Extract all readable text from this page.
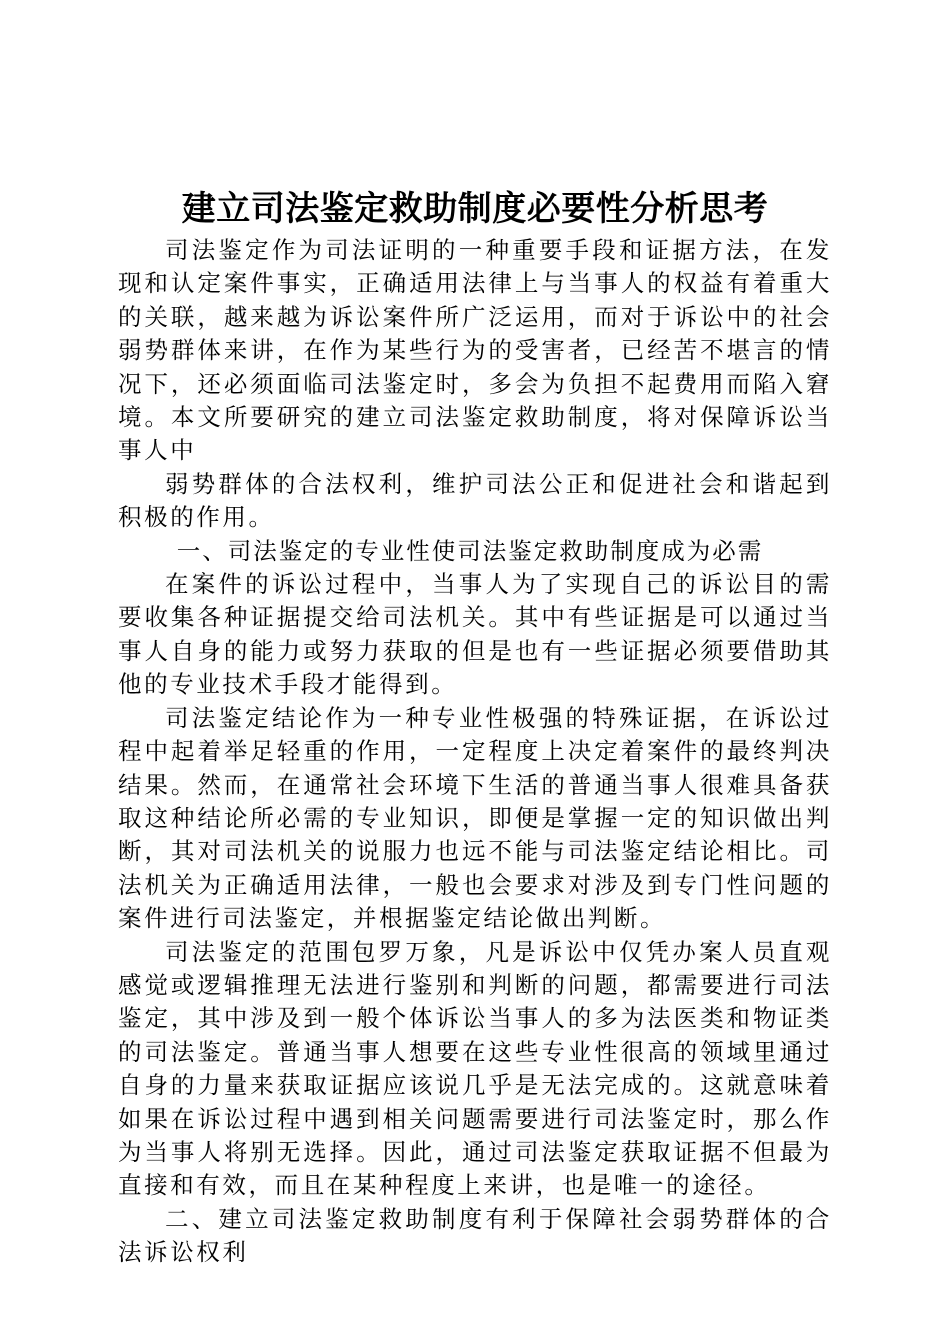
建立司法鉴定救助制度必要性分析思考

司法鉴定作为司法证明的一种重要手段和证据方法，在发现和认定案件事实，正确适用法律上与当事人的权益有着重大的关联，越来越为诉讼案件所广泛运用，而对于诉讼中的社会弱势群体来讲，在作为某些行为的受害者，已经苦不堪言的情况下，还必须面临司法鉴定时，多会为负担不起费用而陷入窘境。本文所要研究的建立司法鉴定救助制度，将对保障诉讼当事人中

弱势群体的合法权利，维护司法公正和促进社会和谐起到积极的作用。

一、司法鉴定的专业性使司法鉴定救助制度成为必需

在案件的诉讼过程中，当事人为了实现自己的诉讼目的需要收集各种证据提交给司法机关。其中有些证据是可以通过当事人自身的能力或努力获取的但是也有一些证据必须要借助其他的专业技术手段才能得到。

司法鉴定结论作为一种专业性极强的特殊证据，在诉讼过程中起着举足轻重的作用，一定程度上决定着案件的最终判决结果。然而，在通常社会环境下生活的普通当事人很难具备获取这种结论所必需的专业知识，即便是掌握一定的知识做出判断，其对司法机关的说服力也远不能与司法鉴定结论相比。司法机关为正确适用法律，一般也会要求对涉及到专门性问题的案件进行司法鉴定，并根据鉴定结论做出判断。

司法鉴定的范围包罗万象，凡是诉讼中仅凭办案人员直观感觉或逻辑推理无法进行鉴别和判断的问题，都需要进行司法鉴定，其中涉及到一般个体诉讼当事人的多为法医类和物证类的司法鉴定。普通当事人想要在这些专业性很高的领域里通过自身的力量来获取证据应该说几乎是无法完成的。这就意味着如果在诉讼过程中遇到相关问题需要进行司法鉴定时，那么作为当事人将别无选择。因此，通过司法鉴定获取证据不但最为直接和有效，而且在某种程度上来讲，也是唯一的途径。

二、建立司法鉴定救助制度有利于保障社会弱势群体的合法诉讼权利
